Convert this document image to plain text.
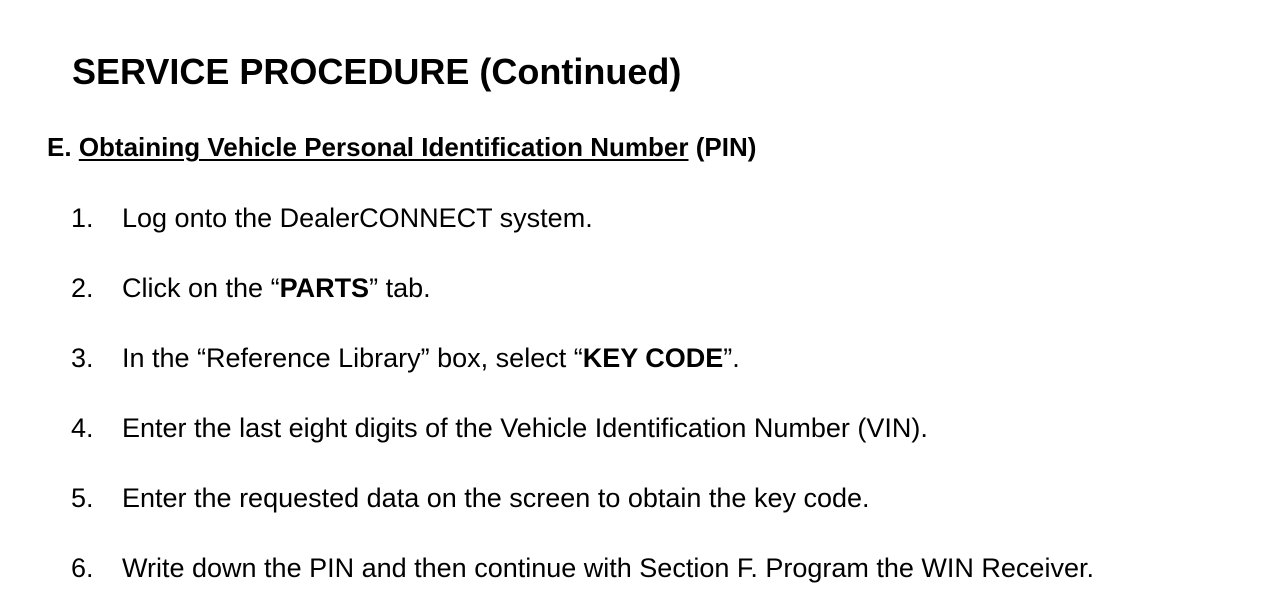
SERVICE PROCEDURE (Continued)
E. Obtaining Vehicle Personal Identification Number (PIN)
1. Log onto the DealerCONNECT system.
2. Click on the “PARTS” tab.
3. In the “Reference Library” box, select “KEY CODE”.
4. Enter the last eight digits of the Vehicle Identification Number (VIN).
5. Enter the requested data on the screen to obtain the key code.
6. Write down the PIN and then continue with Section F. Program the WIN Receiver.
